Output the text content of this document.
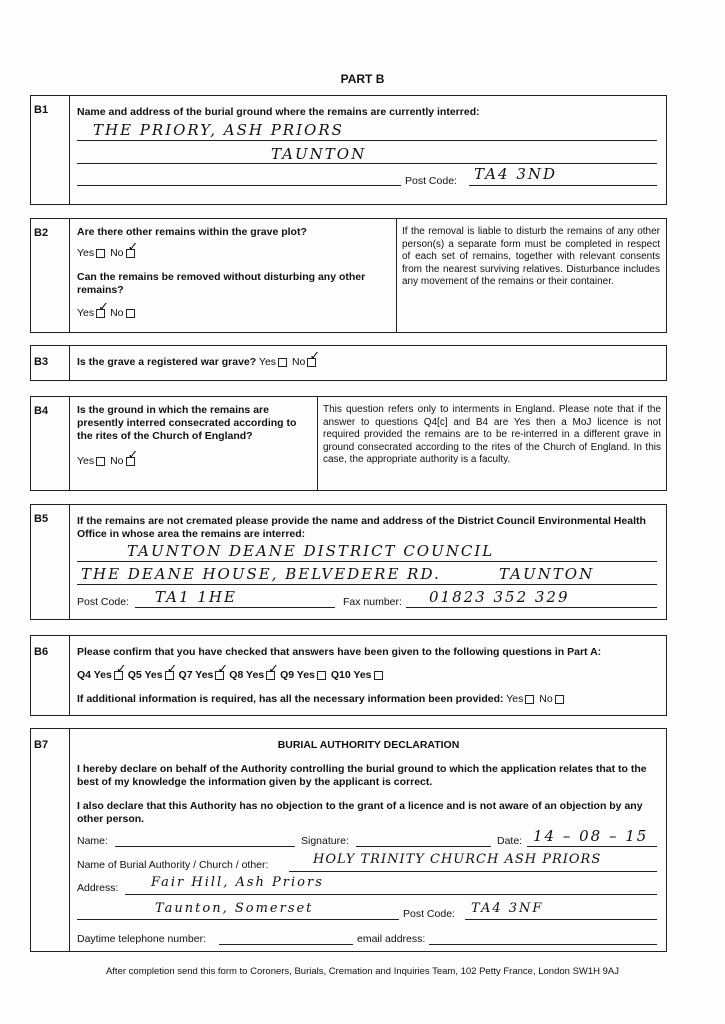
PART B
B1	Name and address of the burial ground where the remains are currently interred:
THE PRIORY, ASH PRIORS
TAUNTON
Post Code: TA4 3ND
B2	Are there other remains within the grave plot?
Yes No✓
Can the remains be removed without disturbing any other remains?
Yes ✓ No
If the removal is liable to disturb the remains of any other person(s) a separate form must be completed in respect of each set of remains, together with relevant consents from the nearest surviving relatives. Disturbance includes any movement of the remains or their container.
B3	Is the grave a registered war grave? Yes No✓
B4	Is the ground in which the remains are presently interred consecrated according to the rites of the Church of England?
Yes No✓
This question refers only to interments in England. Please note that if the answer to questions Q4[c] and B4 are Yes then a MoJ licence is not required provided the remains are to be re-interred in a different grave in ground consecrated according to the rites of the Church of England. In this case, the appropriate authority is a faculty.
B5	If the remains are not cremated please provide the name and address of the District Council Environmental Health Office in whose area the remains are interred:
TAUNTON DEANE DISTRICT COUNCIL
THE DEANE HOUSE, BELVEDERE RD.	TAUNTON
Post Code: TA1 1HE	Fax number: 01823 352 329
B6	Please confirm that you have checked that answers have been given to the following questions in Part A:
Q4 Yes ✓ Q5 Yes ✓ Q7 Yes ✓ Q8 Yes ✓ Q9 Yes Q10 Yes
If additional information is required, has all the necessary information been provided: Yes No
B7	BURIAL AUTHORITY DECLARATION
I hereby declare on behalf of the Authority controlling the burial ground to which the application relates that to the best of my knowledge the information given by the applicant is correct.
I also declare that this Authority has no objection to the grant of a licence and is not aware of an objection by any other person.
Name:	Signature:	Date: 14 – 08 – 15
Name of Burial Authority / Church / other:	HOLY TRINITY CHURCH ASH PRIORS
Address:	Fair Hill, Ash Priors
Taunton, Somerset	Post Code: TA4 3NF
Daytime telephone number:	email address:
After completion send this form to Coroners, Burials, Cremation and Inquiries Team, 102 Petty France, London SW1H 9AJ
